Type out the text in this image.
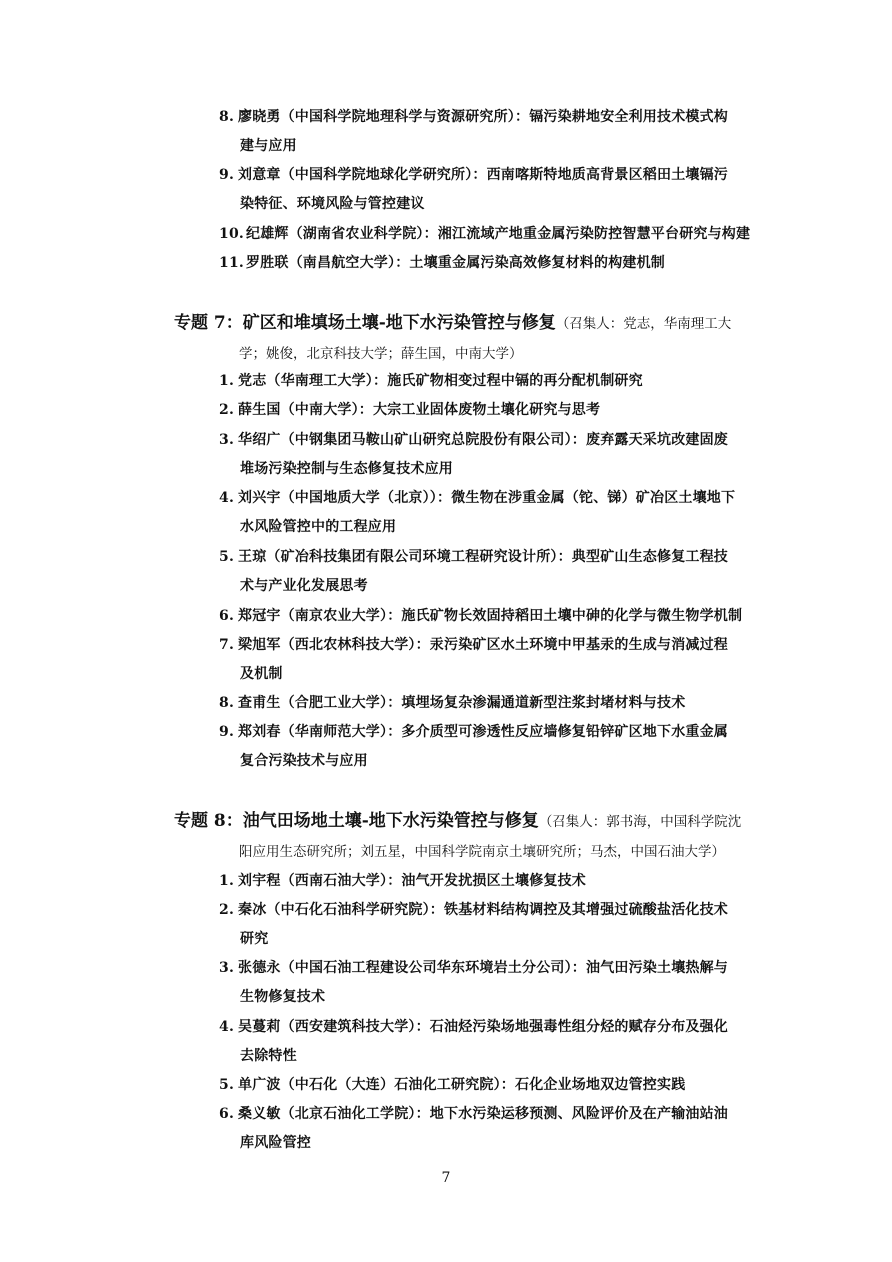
8. 廖晓勇（中国科学院地理科学与资源研究所）：镉污染耕地安全利用技术模式构
建与应用
9. 刘意章（中国科学院地球化学研究所）：西南喀斯特地质高背景区稻田土壤镉污
染特征、环境风险与管控建议
10. 纪雄辉（湖南省农业科学院）：湘江流域产地重金属污染防控智慧平台研究与构建
11. 罗胜联（南昌航空大学）：土壤重金属污染高效修复材料的构建机制
专题 7：矿区和堆填场土壤-地下水污染管控与修复（召集人：党志，华南理工大
学；姚俊，北京科技大学；薛生国，中南大学）
1. 党志（华南理工大学）：施氏矿物相变过程中镉的再分配机制研究
2. 薛生国（中南大学）：大宗工业固体废物土壤化研究与思考
3. 华绍广（中钢集团马鞍山矿山研究总院股份有限公司）：废弃露天采坑改建固废
堆场污染控制与生态修复技术应用
4. 刘兴宇（中国地质大学（北京））：微生物在涉重金属（铊、锑）矿冶区土壤地下
水风险管控中的工程应用
5. 王琼（矿冶科技集团有限公司环境工程研究设计所）：典型矿山生态修复工程技
术与产业化发展思考
6. 郑冠宇（南京农业大学）：施氏矿物长效固持稻田土壤中砷的化学与微生物学机制
7. 梁旭军（西北农林科技大学）：汞污染矿区水土环境中甲基汞的生成与消减过程
及机制
8. 查甫生（合肥工业大学）：填埋场复杂渗漏通道新型注浆封堵材料与技术
9. 郑刘春（华南师范大学）：多介质型可渗透性反应墙修复铅锌矿区地下水重金属
复合污染技术与应用
专题 8：油气田场地土壤-地下水污染管控与修复（召集人：郭书海，中国科学院沈
阳应用生态研究所；刘五星，中国科学院南京土壤研究所；马杰，中国石油大学）
1. 刘宇程（西南石油大学）：油气开发扰损区土壤修复技术
2. 秦冰（中石化石油科学研究院）：铁基材料结构调控及其增强过硫酸盐活化技术
研究
3. 张德永（中国石油工程建设公司华东环境岩土分公司）：油气田污染土壤热解与
生物修复技术
4. 吴蔓莉（西安建筑科技大学）：石油烃污染场地强毒性组分烃的赋存分布及强化
去除特性
5. 单广波（中石化（大连）石油化工研究院）：石化企业场地双边管控实践
6. 桑义敏（北京石油化工学院）：地下水污染运移预测、风险评价及在产输油站油
库风险管控
7
